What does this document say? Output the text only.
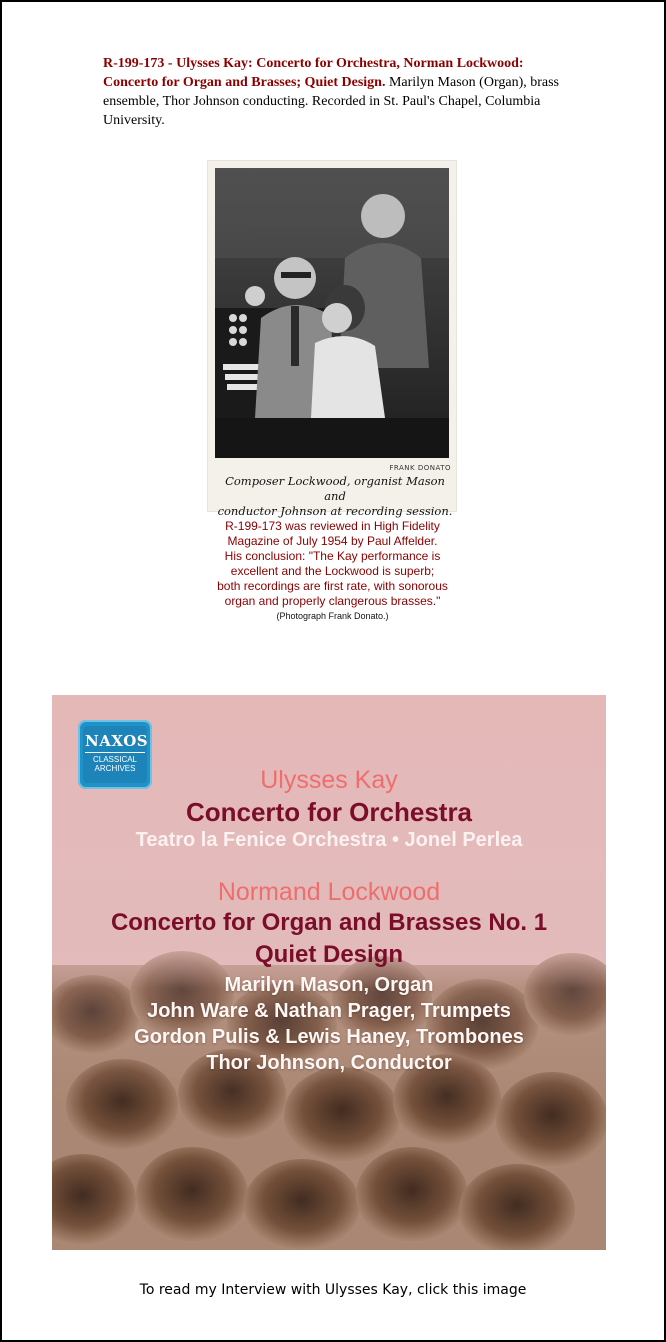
R-199-173 - Ulysses Kay: Concerto for Orchestra, Norman Lockwood: Concerto for Organ and Brasses; Quiet Design. Marilyn Mason (Organ), brass ensemble, Thor Johnson conducting. Recorded in St. Paul's Chapel, Columbia University.
FRANK DONATO
Composer Lockwood, organist Mason and
conductor Johnson at recording session.
R-199-173 was reviewed in High Fidelity
Magazine of July 1954 by Paul Affelder.
His conclusion: "The Kay performance is
excellent and the Lockwood is superb;
both recordings are first rate, with sonorous
organ and properly clangerous brasses."
(Photograph Frank Donato.)
NAXOS
CLASSICAL
ARCHIVES	Ulysses Kay
Concerto for Orchestra
Teatro la Fenice Orchestra • Jonel Perlea
Normand Lockwood
Concerto for Organ and Brasses No. 1
Quiet Design
Marilyn Mason, Organ
John Ware & Nathan Prager, Trumpets
Gordon Pulis & Lewis Haney, Trombones
Thor Johnson, Conductor
To read my Interview with Ulysses Kay, click this image
